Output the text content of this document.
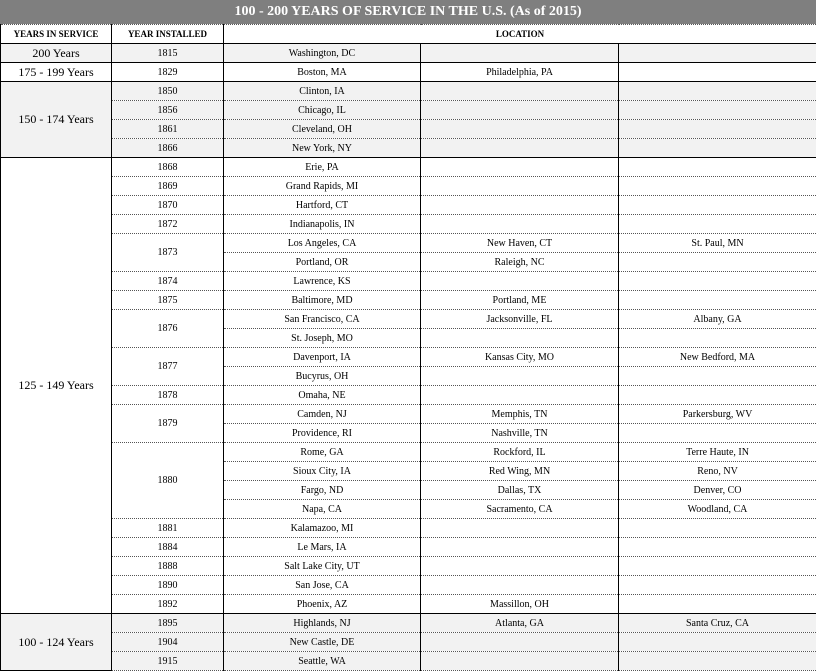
100 - 200 YEARS OF SERVICE IN THE U.S. (As of 2015)
YEARS IN SERVICE	YEAR INSTALLED	LOCATION		
200 Years	1815	Washington, DC		
175 - 199 Years	1829	Boston, MA	Philadelphia, PA	
150 - 174 Years	1850	Clinton, IA		
	1856	Chicago, IL		
	1861	Cleveland, OH		
	1866	New York, NY		
125 - 149 Years	1868	Erie, PA		
	1869	Grand Rapids, MI		
	1870	Hartford, CT		
	1872	Indianapolis, IN		
	1873	Los Angeles, CA	New Haven, CT	St. Paul, MN
		Portland, OR	Raleigh, NC	
	1874	Lawrence, KS		
	1875	Baltimore, MD	Portland, ME	
	1876	San Francisco, CA	Jacksonville, FL	Albany, GA
		St. Joseph, MO		
	1877	Davenport, IA	Kansas City, MO	New Bedford, MA
		Bucyrus, OH		
	1878	Omaha, NE		
	1879	Camden, NJ	Memphis, TN	Parkersburg, WV
		Providence, RI	Nashville, TN	
	1880	Rome, GA	Rockford, IL	Terre Haute, IN
		Sioux City, IA	Red Wing, MN	Reno, NV
		Fargo, ND	Dallas, TX	Denver, CO
		Napa, CA	Sacramento, CA	Woodland, CA
	1881	Kalamazoo, MI		
	1884	Le Mars, IA		
	1888	Salt Lake City, UT		
	1890	San Jose, CA		
	1892	Phoenix, AZ	Massillon, OH	
100 - 124 Years	1895	Highlands, NJ	Atlanta, GA	Santa Cruz, CA
	1904	New Castle, DE		
	1915	Seattle, WA		
